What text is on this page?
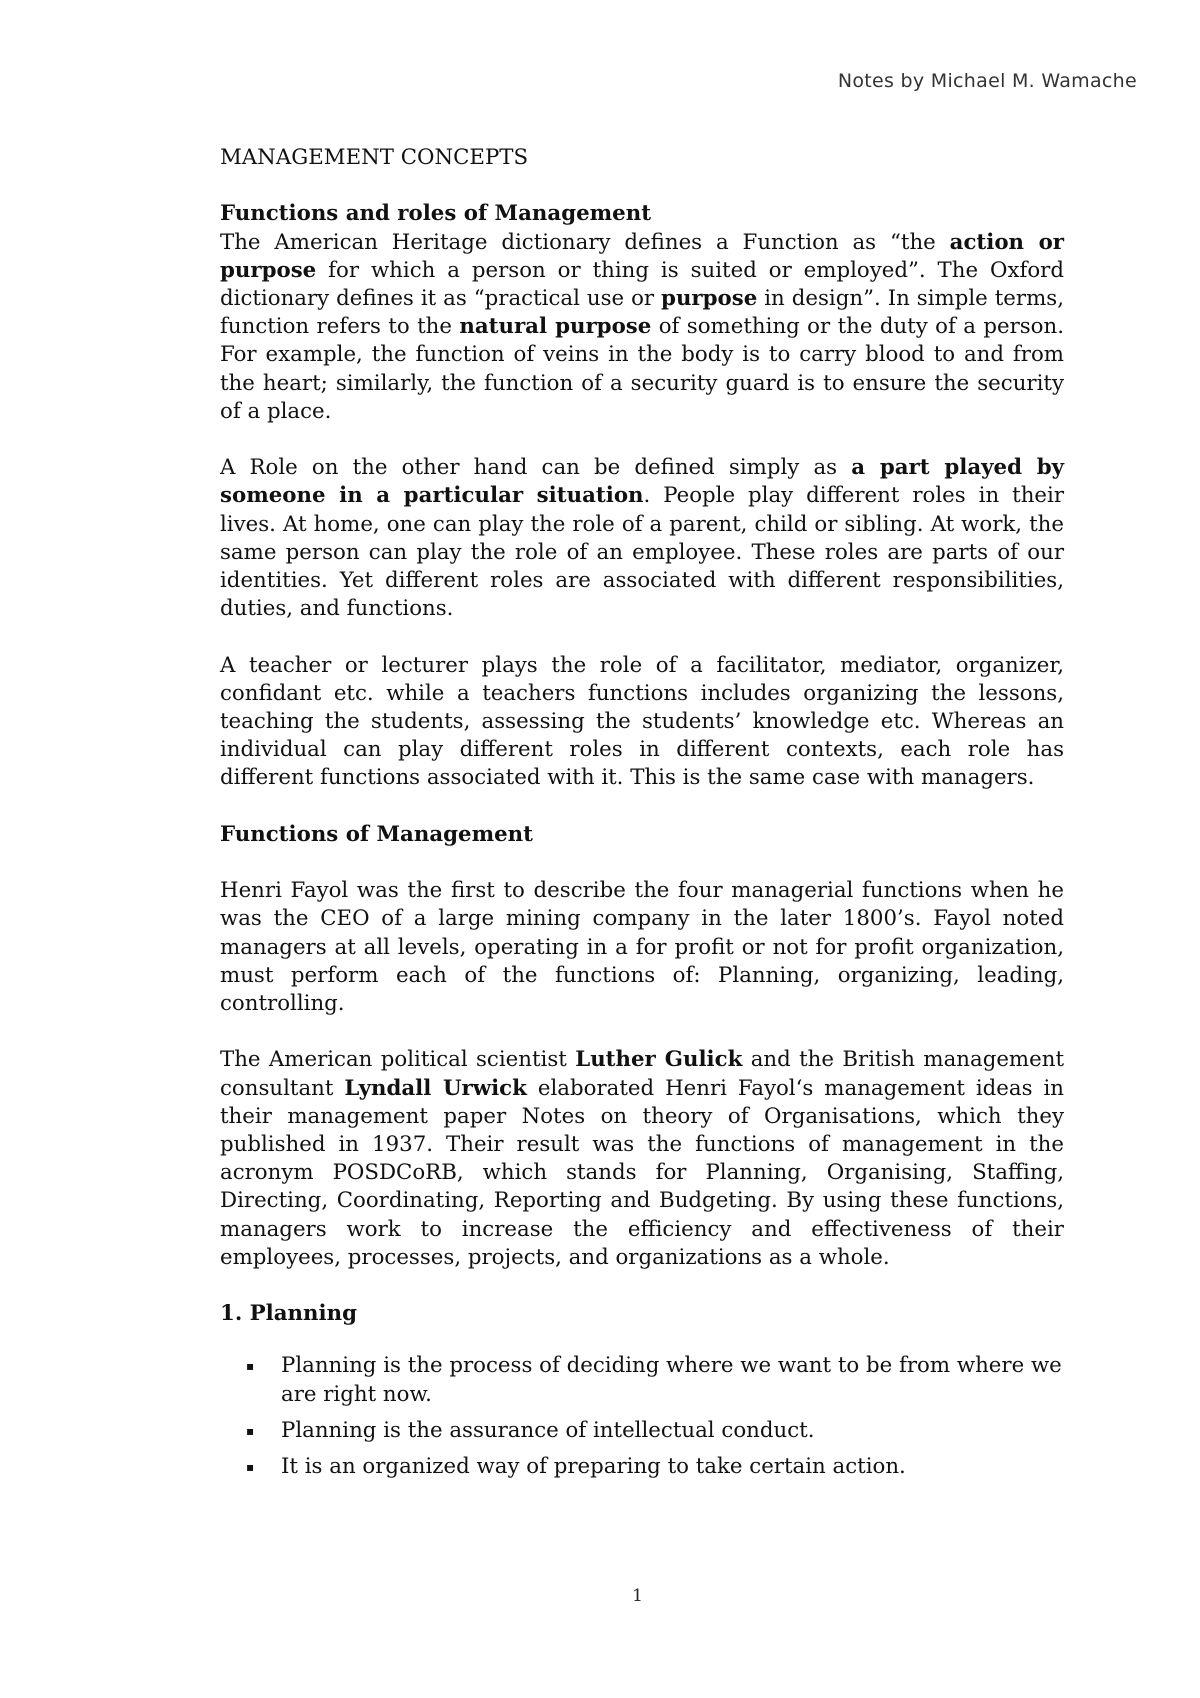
Notes by Michael M. Wamache

MANAGEMENT CONCEPTS

Functions and roles of Management

The American Heritage dictionary defines a Function as “the action or purpose for which a person or thing is suited or employed”. The Oxford dictionary defines it as “practical use or purpose in design”. In simple terms, function refers to the natural purpose of something or the duty of a person. For example, the function of veins in the body is to carry blood to and from the heart; similarly, the function of a security guard is to ensure the security of a place.

A Role on the other hand can be defined simply as a part played by someone in a particular situation. People play different roles in their lives. At home, one can play the role of a parent, child or sibling. At work, the same person can play the role of an employee. These roles are parts of our identities. Yet different roles are associated with different responsibilities, duties, and functions.

A teacher or lecturer plays the role of a facilitator, mediator, organizer, confidant etc. while a teachers functions includes organizing the lessons, teaching the students, assessing the students’ knowledge etc. Whereas an individual can play different roles in different contexts, each role has different functions associated with it. This is the same case with managers.

Functions of Management

Henri Fayol was the first to describe the four managerial functions when he was the CEO of a large mining company in the later 1800’s. Fayol noted managers at all levels, operating in a for profit or not for profit organization, must perform each of the functions of: Planning, organizing, leading, controlling.

The American political scientist Luther Gulick and the British management consultant Lyndall Urwick elaborated Henri Fayol‘s management ideas in their management paper Notes on theory of Organisations, which they published in 1937. Their result was the functions of management in the acronym POSDCoRB, which stands for Planning, Organising, Staffing, Directing, Coordinating, Reporting and Budgeting. By using these functions, managers work to increase the efficiency and effectiveness of their employees, processes, projects, and organizations as a whole.

1. Planning

▪ Planning is the process of deciding where we want to be from where we are right now.
▪ Planning is the assurance of intellectual conduct.
▪ It is an organized way of preparing to take certain action.
1
